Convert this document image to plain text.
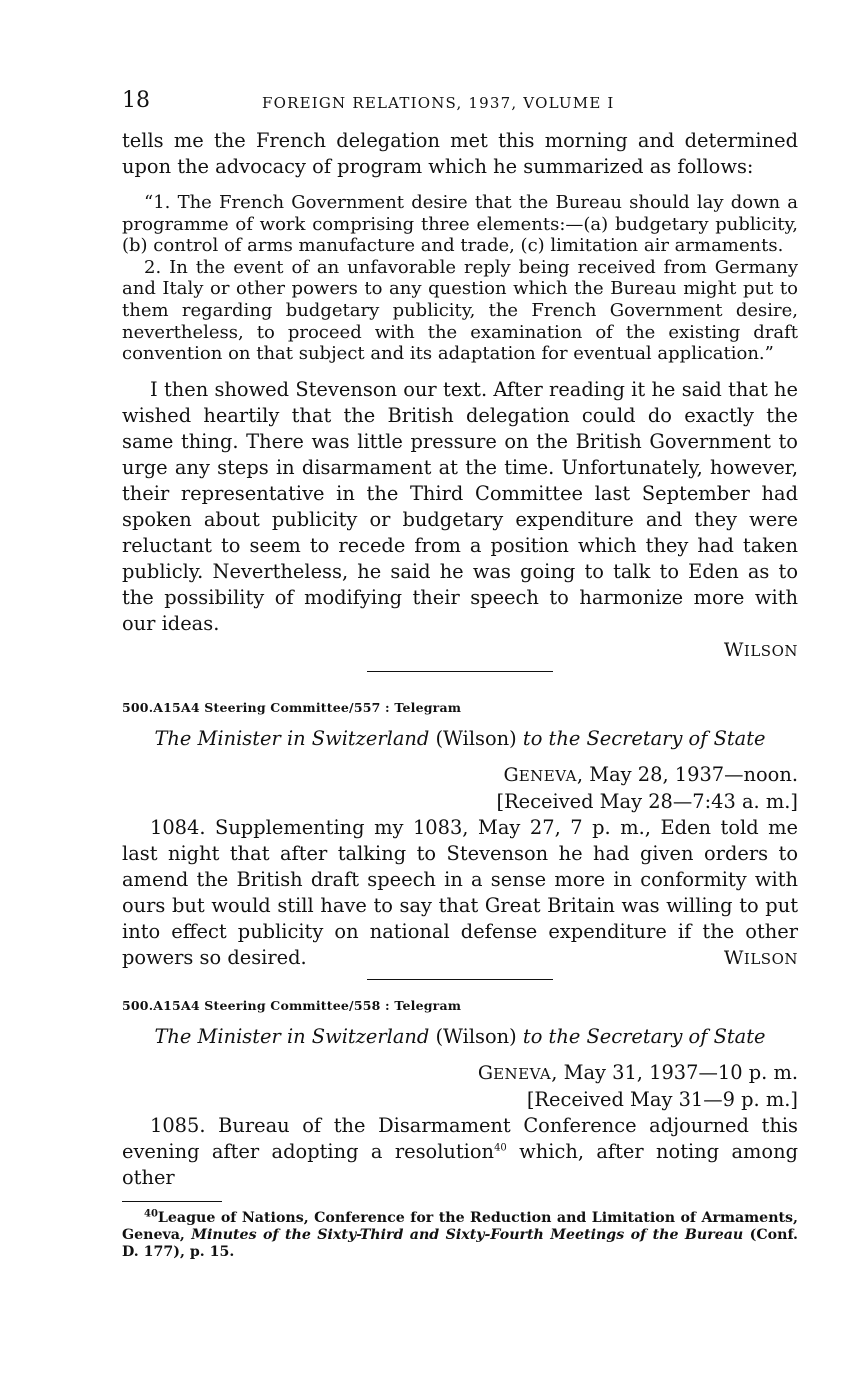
18	FOREIGN RELATIONS, 1937, VOLUME I

tells me the French delegation met this morning and determined upon the advocacy of program which he summarized as follows:

“1. The French Government desire that the Bureau should lay down a programme of work comprising three elements:—(a) budgetary publicity, (b) control of arms manufacture and trade, (c) limitation air armaments.

2. In the event of an unfavorable reply being received from Germany and Italy or other powers to any question which the Bureau might put to them regarding budgetary publicity, the French Government desire, nevertheless, to proceed with the examination of the existing draft convention on that subject and its adaptation for eventual application.”

I then showed Stevenson our text. After reading it he said that he wished heartily that the British delegation could do exactly the same thing. There was little pressure on the British Government to urge any steps in disarmament at the time. Unfortunately, however, their representative in the Third Committee last September had spoken about publicity or budgetary expenditure and they were reluctant to seem to recede from a position which they had taken publicly. Nevertheless, he said he was going to talk to Eden as to the possibility of modifying their speech to harmonize more with our ideas.

WILSON

500.A15A4 Steering Committee/557 : Telegram

The Minister in Switzerland (Wilson) to the Secretary of State

GENEVA, May 28, 1937—noon.

[Received May 28—7:43 a. m.]

1084. Supplementing my 1083, May 27, 7 p. m., Eden told me last night that after talking to Stevenson he had given orders to amend the British draft speech in a sense more in conformity with ours but would still have to say that Great Britain was willing to put into effect publicity on national defense expenditure if the other powers so desired.	WILSON

500.A15A4 Steering Committee/558 : Telegram

The Minister in Switzerland (Wilson) to the Secretary of State

GENEVA, May 31, 1937—10 p. m.

[Received May 31—9 p. m.]

1085. Bureau of the Disarmament Conference adjourned this evening after adopting a resolution$^{40}$ which, after noting among other

$^{40}$League of Nations, Conference for the Reduction and Limitation of Armaments, Geneva, Minutes of the Sixty-Third and Sixty-Fourth Meetings of the Bureau (Conf. D. 177), p. 15.
